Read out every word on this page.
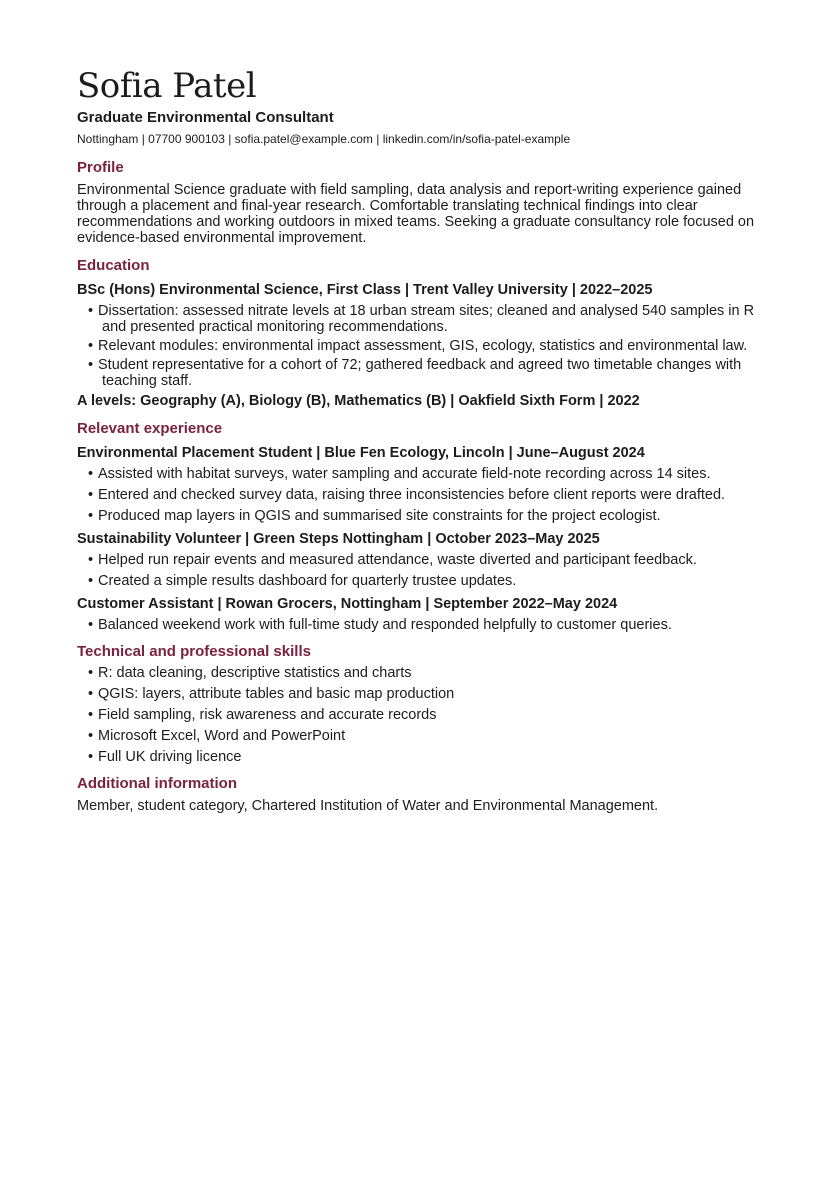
Sofia Patel
Graduate Environmental Consultant
Nottingham | 07700 900103 | sofia.patel@example.com | linkedin.com/in/sofia-patel-example
Profile
Environmental Science graduate with field sampling, data analysis and report-writing experience gained through a placement and final-year research. Comfortable translating technical findings into clear recommendations and working outdoors in mixed teams. Seeking a graduate consultancy role focused on evidence-based environmental improvement.
Education
BSc (Hons) Environmental Science, First Class | Trent Valley University | 2022–2025
• Dissertation: assessed nitrate levels at 18 urban stream sites; cleaned and analysed 540 samples in R and presented practical monitoring recommendations.
• Relevant modules: environmental impact assessment, GIS, ecology, statistics and environmental law.
• Student representative for a cohort of 72; gathered feedback and agreed two timetable changes with teaching staff.
A levels: Geography (A), Biology (B), Mathematics (B) | Oakfield Sixth Form | 2022
Relevant experience
Environmental Placement Student | Blue Fen Ecology, Lincoln | June–August 2024
• Assisted with habitat surveys, water sampling and accurate field-note recording across 14 sites.
• Entered and checked survey data, raising three inconsistencies before client reports were drafted.
• Produced map layers in QGIS and summarised site constraints for the project ecologist.
Sustainability Volunteer | Green Steps Nottingham | October 2023–May 2025
• Helped run repair events and measured attendance, waste diverted and participant feedback.
• Created a simple results dashboard for quarterly trustee updates.
Customer Assistant | Rowan Grocers, Nottingham | September 2022–May 2024
• Balanced weekend work with full-time study and responded helpfully to customer queries.
Technical and professional skills
• R: data cleaning, descriptive statistics and charts
• QGIS: layers, attribute tables and basic map production
• Field sampling, risk awareness and accurate records
• Microsoft Excel, Word and PowerPoint
• Full UK driving licence
Additional information
Member, student category, Chartered Institution of Water and Environmental Management.
